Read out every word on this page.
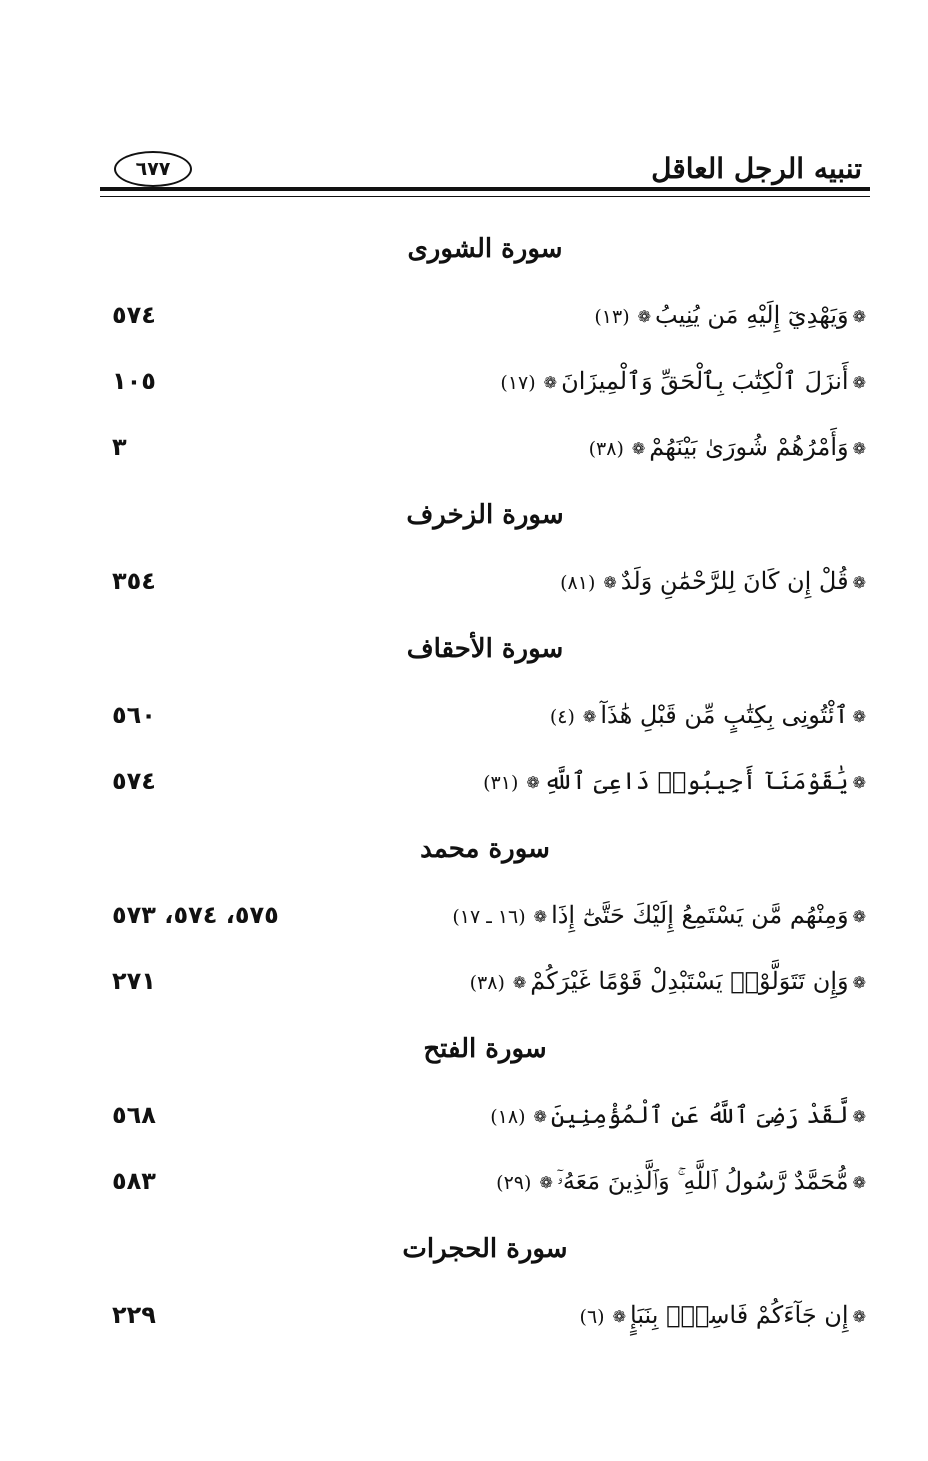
تنبيه الرجل العاقل
٦٧٧
سورة الشورى
❁وَيَهْدِيٓ إِلَيْهِ مَن يُنِيبُ❁(١٣)
٥٧٤
❁أَنزَلَ ٱلْكِتَٰبَ بِٱلْحَقِّ وَٱلْمِيزَانَ❁(١٧)
١٠٥
❁وَأَمْرُهُمْ شُورَىٰ بَيْنَهُمْ❁(٣٨)
٣
سورة الزخرف
❁قُلْ إِن كَانَ لِلرَّحْمَٰنِ وَلَدٌ❁(٨١)
٣٥٤
سورة الأحقاف
❁ٱئْتُونِى بِكِتَٰبٍ مِّن قَبْلِ هَٰذَآ❁(٤)
٥٦٠
❁يَٰقَوْمَنَآ أَجِيبُوا۟ دَاعِىَ ٱللَّهِ❁(٣١)
٥٧٤
سورة محمد
❁وَمِنْهُم مَّن يَسْتَمِعُ إِلَيْكَ حَتَّىٰٓ إِذَا❁(١٦ ـ ١٧)
٥٧٥، ٥٧٤، ٥٧٣
❁وَإِن تَتَوَلَّوْا۟ يَسْتَبْدِلْ قَوْمًا غَيْرَكُمْ❁(٣٨)
٢٧١
سورة الفتح
❁لَّقَدْ رَضِىَ ٱللَّهُ عَنِ ٱلْمُؤْمِنِينَ❁(١٨)
٥٦٨
❁مُّحَمَّدٌ رَّسُولُ ٱللَّهِ ۚ وَٱلَّذِينَ مَعَهُۥٓ❁(٢٩)
٥٨٣
سورة الحجرات
❁إِن جَآءَكُمْ فَاسِقٌۢ بِنَبَإٍ❁(٦)
٢٢٩
